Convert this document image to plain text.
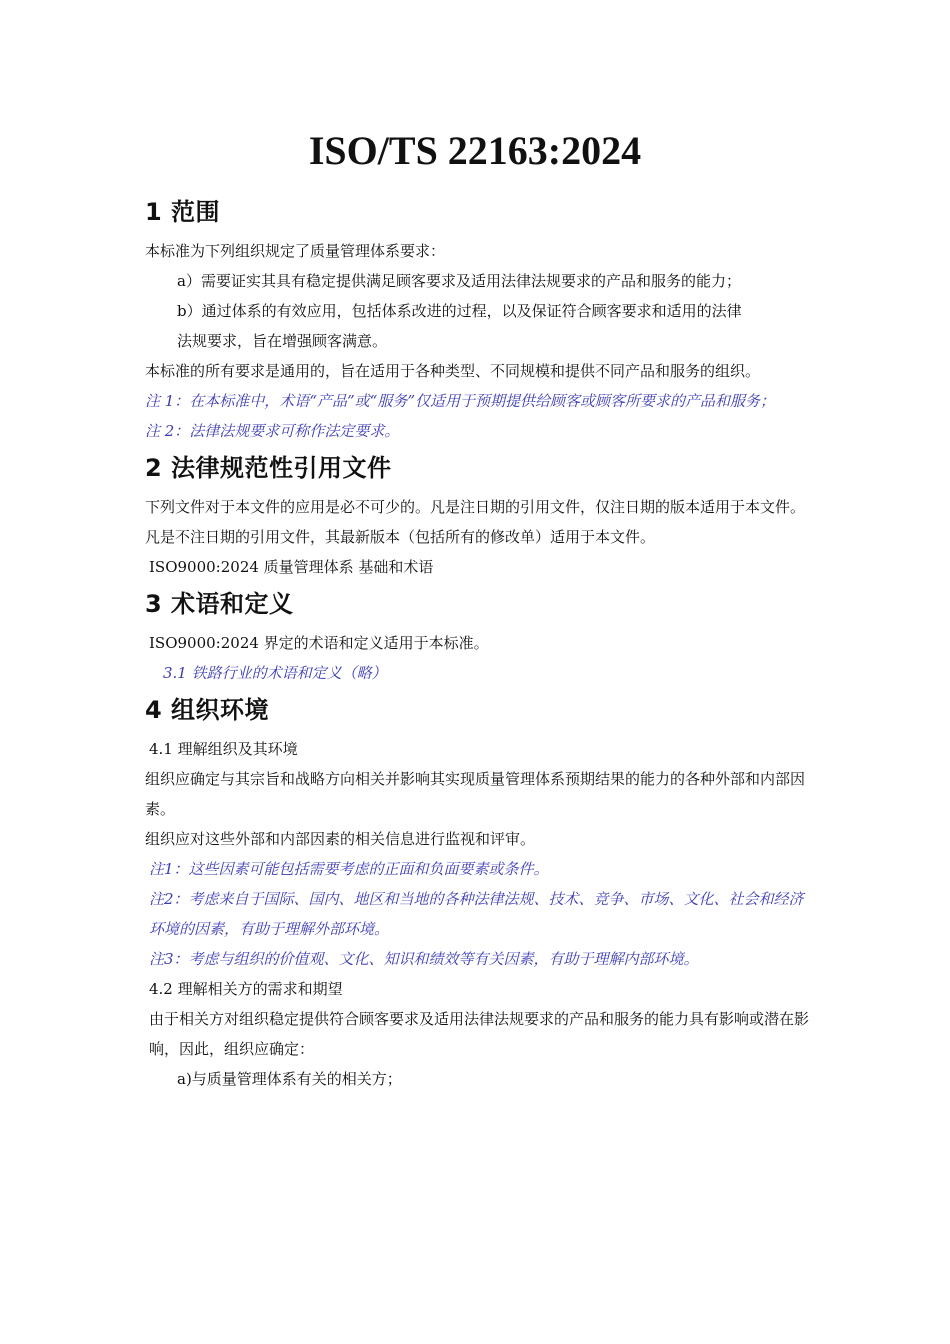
ISO/TS 22163:2024
1 范围

本标准为下列组织规定了质量管理体系要求：

a）需要证实其具有稳定提供满足顾客要求及适用法律法规要求的产品和服务的能力；

b）通过体系的有效应用，包括体系改进的过程，以及保证符合顾客要求和适用的法律

法规要求，旨在增强顾客满意。

本标准的所有要求是通用的，旨在适用于各种类型、不同规模和提供不同产品和服务的组织。

注 1：在本标准中，术语“产品”或“服务”仅适用于预期提供给顾客或顾客所要求的产品和服务；

注 2：法律法规要求可称作法定要求。

2 法律规范性引用文件

下列文件对于本文件的应用是必不可少的。凡是注日期的引用文件，仅注日期的版本适用于本文件。凡是不注日期的引用文件，其最新版本（包括所有的修改单）适用于本文件。

ISO9000:2024 质量管理体系 基础和术语

3 术语和定义

ISO9000:2024 界定的术语和定义适用于本标准。

3.1 铁路行业的术语和定义（略）

4 组织环境

4.1 理解组织及其环境

组织应确定与其宗旨和战略方向相关并影响其实现质量管理体系预期结果的能力的各种外部和内部因素。

组织应对这些外部和内部因素的相关信息进行监视和评审。

注1：这些因素可能包括需要考虑的正面和负面要素或条件。

注2：考虑来自于国际、国内、地区和当地的各种法律法规、技术、竞争、市场、文化、社会和经济环境的因素，有助于理解外部环境。

注3：考虑与组织的价值观、文化、知识和绩效等有关因素，有助于理解内部环境。

4.2 理解相关方的需求和期望

由于相关方对组织稳定提供符合顾客要求及适用法律法规要求的产品和服务的能力具有影响或潜在影响，因此，组织应确定：

a)与质量管理体系有关的相关方；
